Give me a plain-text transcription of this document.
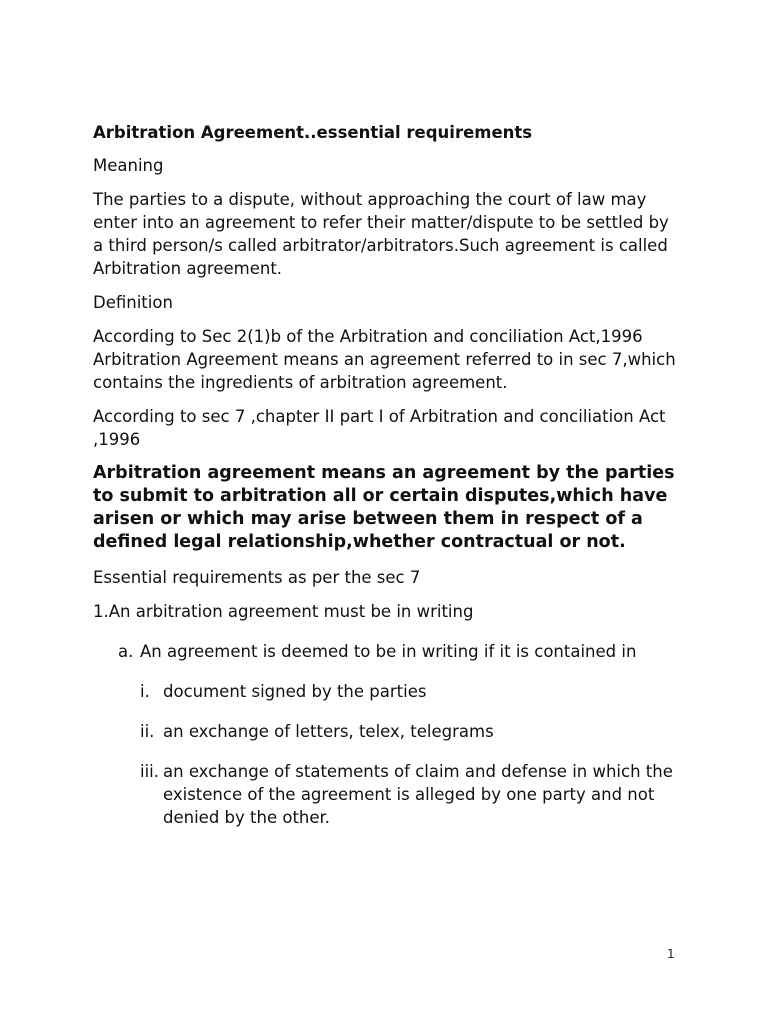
Arbitration Agreement..essential requirements

Meaning

The parties to a dispute, without approaching the court of law may enter into an agreement to refer their matter/dispute to be settled by a third person/s called arbitrator/arbitrators.Such agreement is called Arbitration agreement.

Definition

According to Sec 2(1)b of the Arbitration and conciliation Act,1996 Arbitration Agreement means an agreement referred to in sec 7,which contains the ingredients of arbitration agreement.

According to sec 7 ,chapter II part I of Arbitration and conciliation Act ,1996

Arbitration agreement means an agreement by the parties to submit to arbitration all or certain disputes,which have arisen or which may arise between them in respect of a defined legal relationship,whether contractual or not.

Essential requirements as per the sec 7

1.An arbitration agreement must be in writing

a. An agreement is deemed to be in writing if it is contained in
i. document signed by the parties
ii. an exchange of letters, telex, telegrams
iii. an exchange of statements of claim and defense in which the existence of the agreement is alleged by one party and not denied by the other.
1
